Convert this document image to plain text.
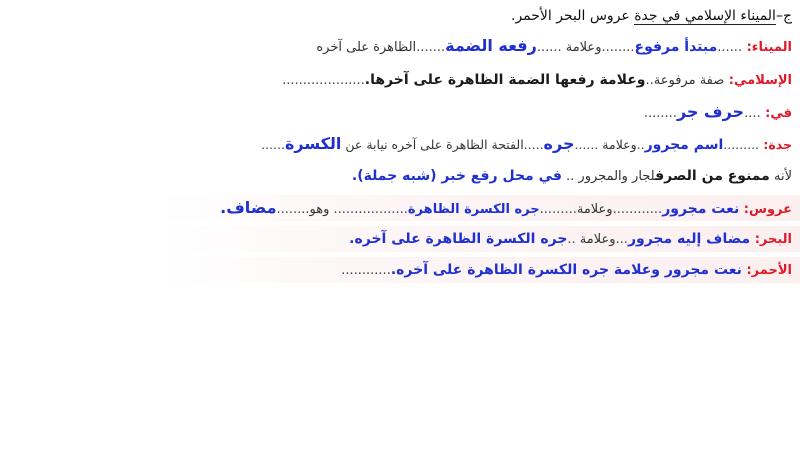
ج–الميناء الإسلامي في جدة عروس البحر الأحمر.
الميناء: ......مبتدأ مرفوع........وعلامة ......رفعه الضمة.......الظاهرة على آخره
الإسلامي: صفة مرفوعة..وعلامة رفعها الضمة الظاهرة على آخرها.....................
في: ....حرف جر........
جدة: .........اسم مجرور..وعلامة ......جره.....الفتحة الظاهرة على آخره نيابة عن الكسرة......
لأنه ممنوع من الصرفلجار والمجرور .. في محل رفع خبر (شبه جملة).
عروس: نعت مجرور............وعلامة.........جره الكسرة الظاهرة.................. وهو........مضاف.
البحر: مضاف إليه مجرور...وعلامة ..جره الكسرة الظاهرة على آخره.
الأحمر: نعت مجرور وعلامة جره الكسرة الظاهرة على آخره.............
